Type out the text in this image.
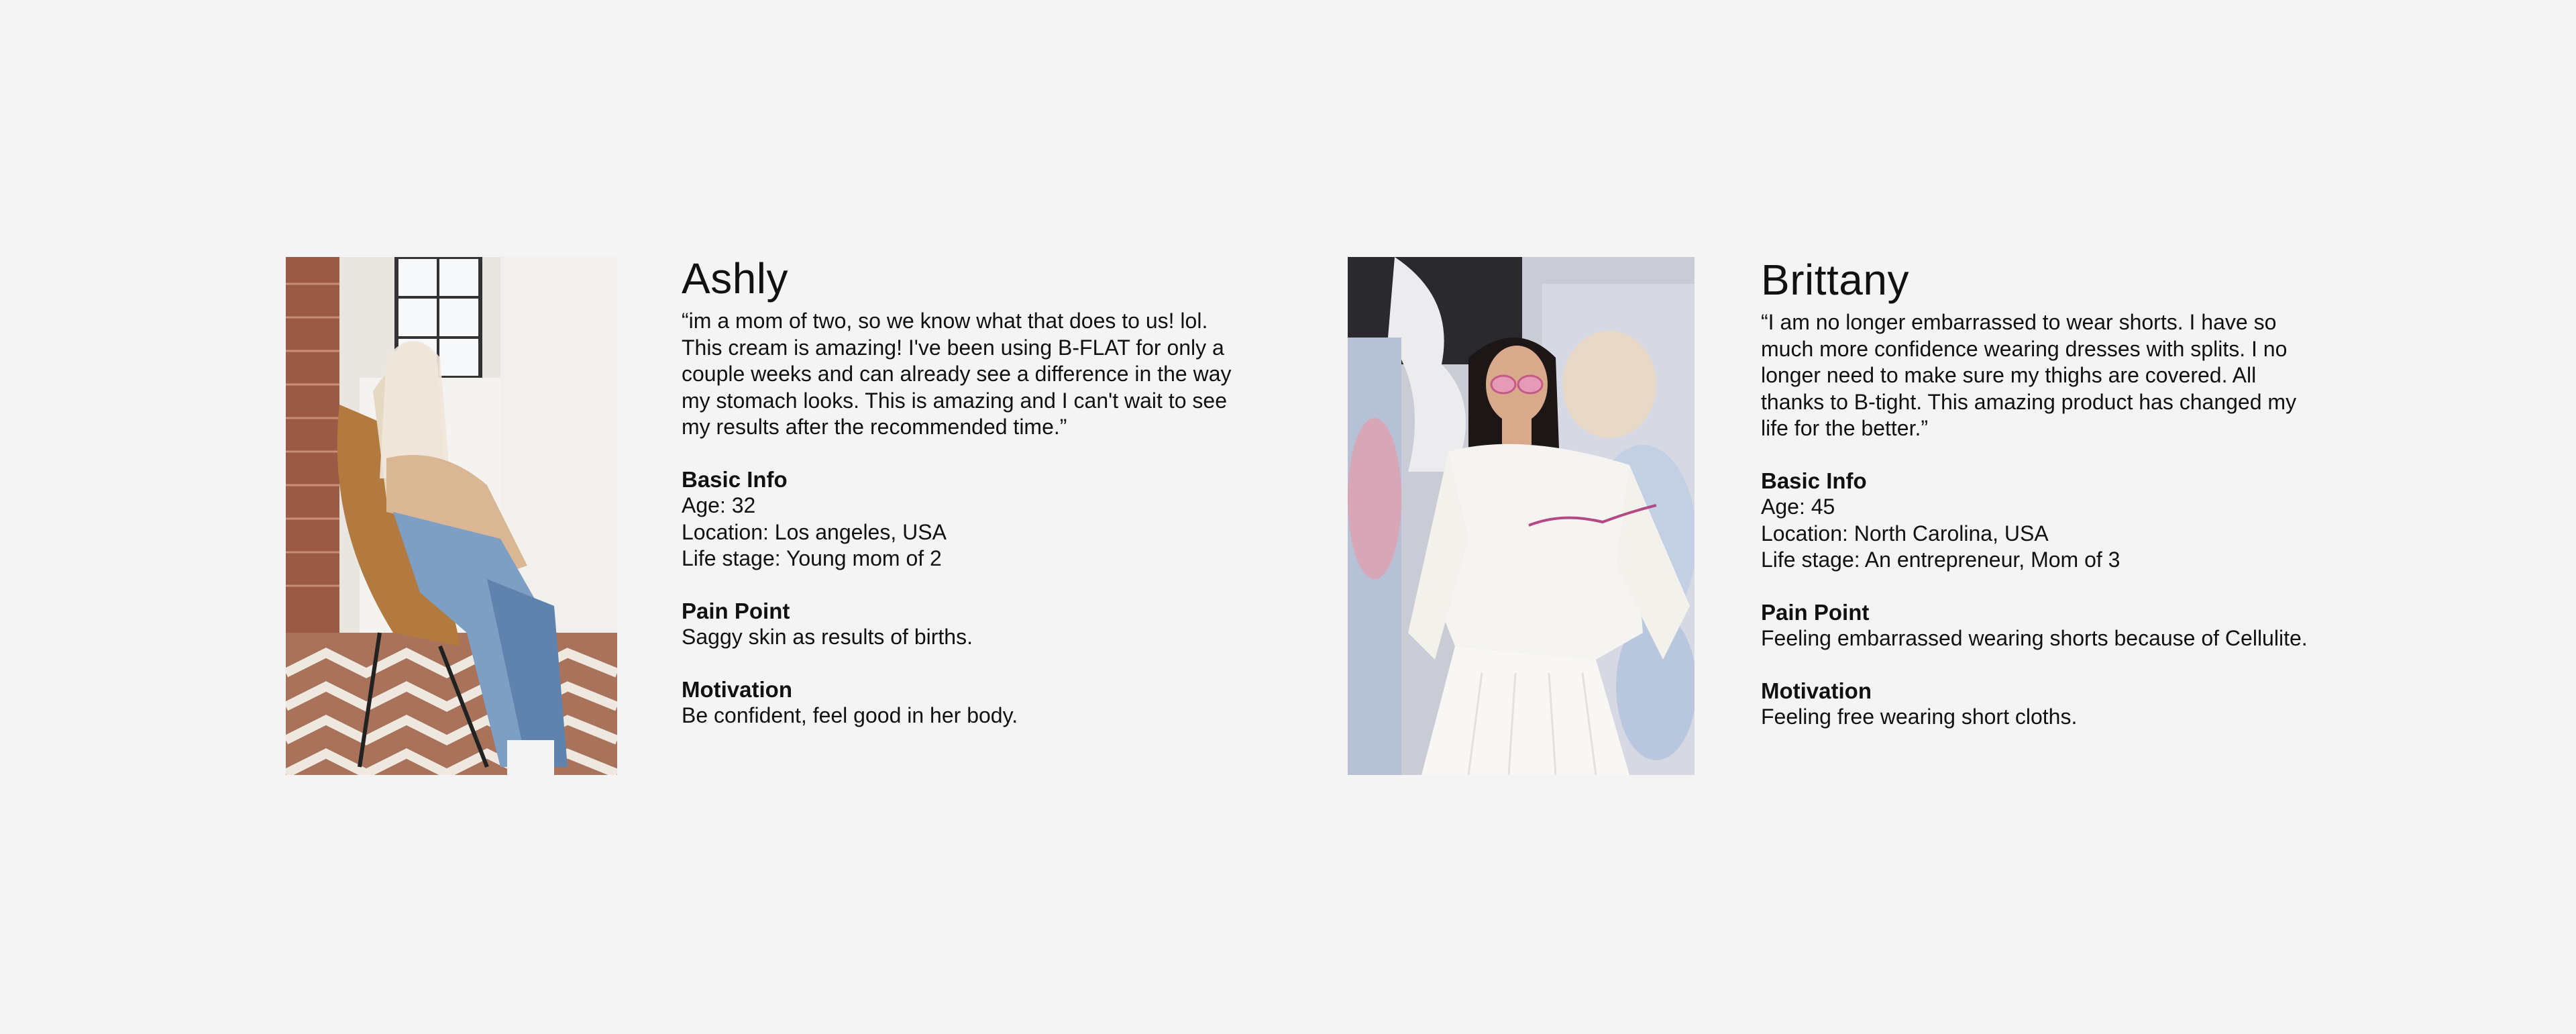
Ashly
“im a mom of two, so we know what that does to us! lol. This cream is amazing! I've been using B-FLAT for only a couple weeks and can already see a difference in the way my stomach looks. This is amazing and I can't wait to see my results after the recommended time.”
Basic Info
Age: 32
Location: Los angeles, USA
Life stage: Young mom of 2
Pain Point
Saggy skin as results of births.
Motivation
Be confident, feel good in her body.
Brittany
“I am no longer embarrassed to wear shorts. I have so much more confidence wearing dresses with splits. I no longer need to make sure my thighs are covered. All thanks to B-tight. This amazing product has changed my life for the better.”
Basic Info
Age: 45
Location: North Carolina, USA
Life stage: An entrepreneur, Mom of 3
Pain Point
Feeling embarrassed wearing shorts because of Cellulite.
Motivation
Feeling free wearing short cloths.
